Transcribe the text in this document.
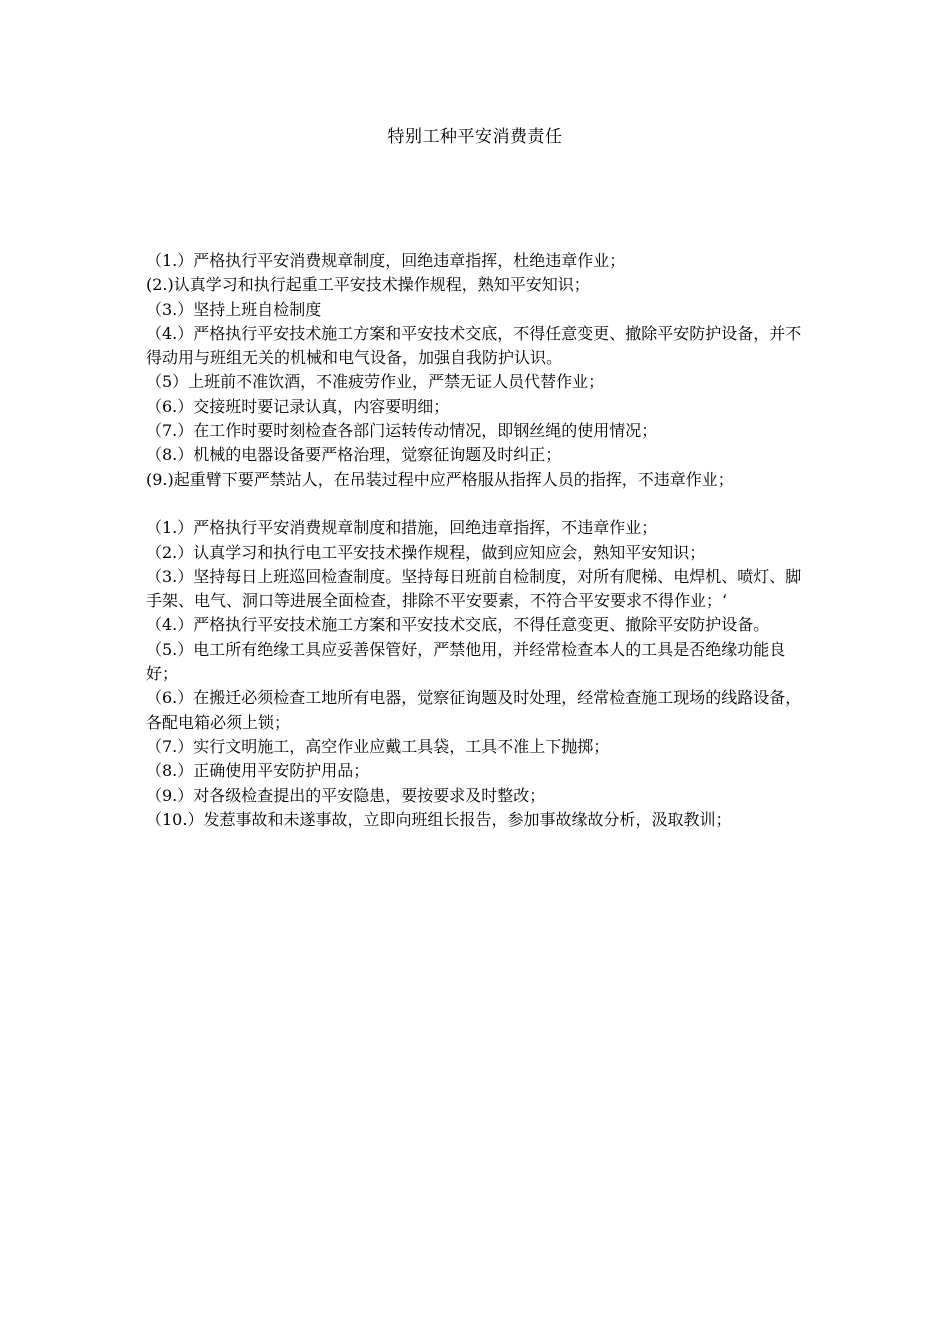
特别工种平安消费责任

（1.）严格执行平安消费规章制度，回绝违章指挥，杜绝违章作业；

(2.)认真学习和执行起重工平安技术操作规程，熟知平安知识；

（3.）坚持上班自检制度

（4.）严格执行平安技术施工方案和平安技术交底，不得任意变更、撤除平安防护设备，并不得动用与班组无关的机械和电气设备，加强自我防护认识。

（5）上班前不准饮酒，不准疲劳作业，严禁无证人员代替作业；

（6.）交接班时要记录认真，内容要明细；

（7.）在工作时要时刻检查各部门运转传动情况，即钢丝绳的使用情况；

（8.）机械的电器设备要严格治理，觉察征询题及时纠正；

(9.)起重臂下要严禁站人，在吊装过程中应严格服从指挥人员的指挥，不违章作业；

（1.）严格执行平安消费规章制度和措施，回绝违章指挥，不违章作业；

（2.）认真学习和执行电工平安技术操作规程，做到应知应会，熟知平安知识；

（3.）坚持每日上班巡回检查制度。坚持每日班前自检制度，对所有爬梯、电焊机、喷灯、脚手架、电气、洞口等进展全面检查，排除不平安要素，不符合平安要求不得作业；‘

（4.）严格执行平安技术施工方案和平安技术交底，不得任意变更、撤除平安防护设备。

（5.）电工所有绝缘工具应妥善保管好，严禁他用，并经常检查本人的工具是否绝缘功能良好；

（6.）在搬迁必须检查工地所有电器，觉察征询题及时处理，经常检查施工现场的线路设备，各配电箱必须上锁；

（7.）实行文明施工，高空作业应戴工具袋，工具不准上下抛掷；

（8.）正确使用平安防护用品；

（9.）对各级检查提出的平安隐患，要按要求及时整改；

（10.）发惹事故和未遂事故，立即向班组长报告，参加事故缘故分析，汲取教训；
